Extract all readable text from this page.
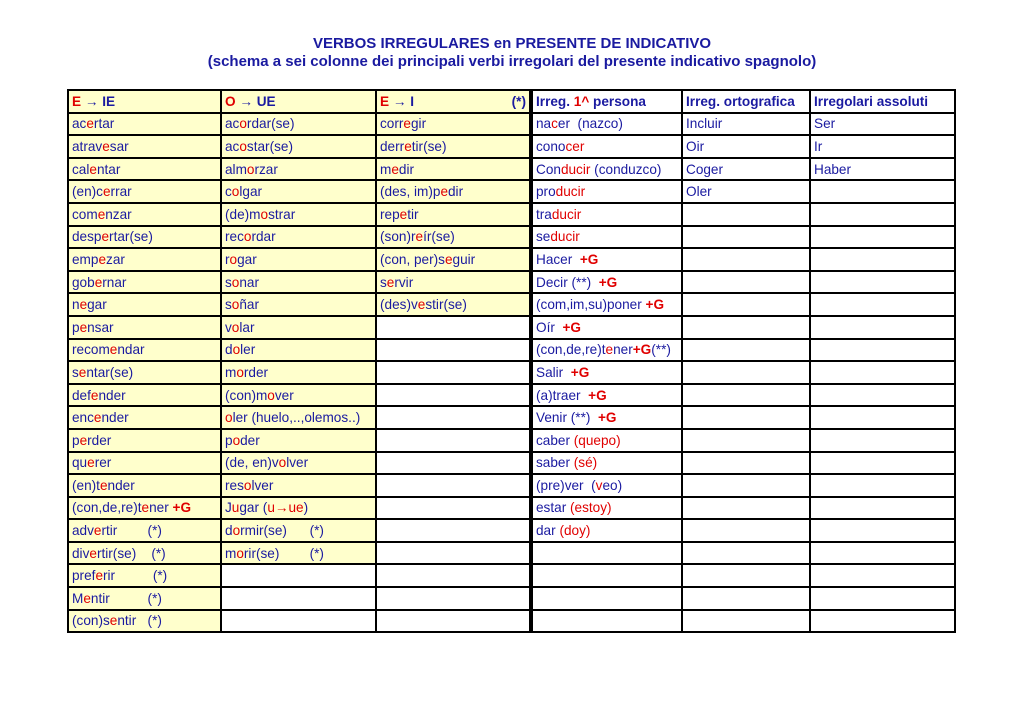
VERBOS IRREGULARES en PRESENTE DE INDICATIVO
(schema a sei colonne dei principali verbi irregolari del presente indicativo spagnolo)
E → IE	O → UE	E → I (*)	Irreg. 1^ persona	Irreg. ortografica	Irregolari assoluti
acertar	acordar(se)	corregir	nacer  (nazco)	Incluir	Ser
atravesar	acostar(se)	derretir(se)	conocer	Oir	Ir
calentar	almorzar	medir	Conducir (conduzco)	Coger	Haber
(en)cerrar	colgar	(des, im)pedir	producir	Oler	
comenzar	(de)mostrar	repetir	traducir		
despertar(se)	recordar	(son)reír(se)	seducir		
empezar	rogar	(con, per)seguir	Hacer  +G		
gobernar	sonar	servir	Decir (**)  +G		
negar	soñar	(des)vestir(se)	(com,im,su)poner +G		
pensar	volar		Oír  +G		
recomendar	doler		(con,de,re)tener+G(**)		
sentar(se)	morder		Salir  +G		
defender	(con)mover		(a)traer  +G		
encender	oler (huelo,..,olemos..)		Venir (**)  +G		
perder	poder		caber (quepo)		
querer	(de, en)volver		saber (sé)		
(en)tender	resolver		(pre)ver  (veo)		
(con,de,re)tener +G	Jugar (u→ue)		estar (estoy)		
advertir        (*)	dormir(se)      (*)		dar (doy)		
divertir(se)    (*)	morir(se)        (*)				
preferir          (*)					
Mentir          (*)					
(con)sentir   (*)					
